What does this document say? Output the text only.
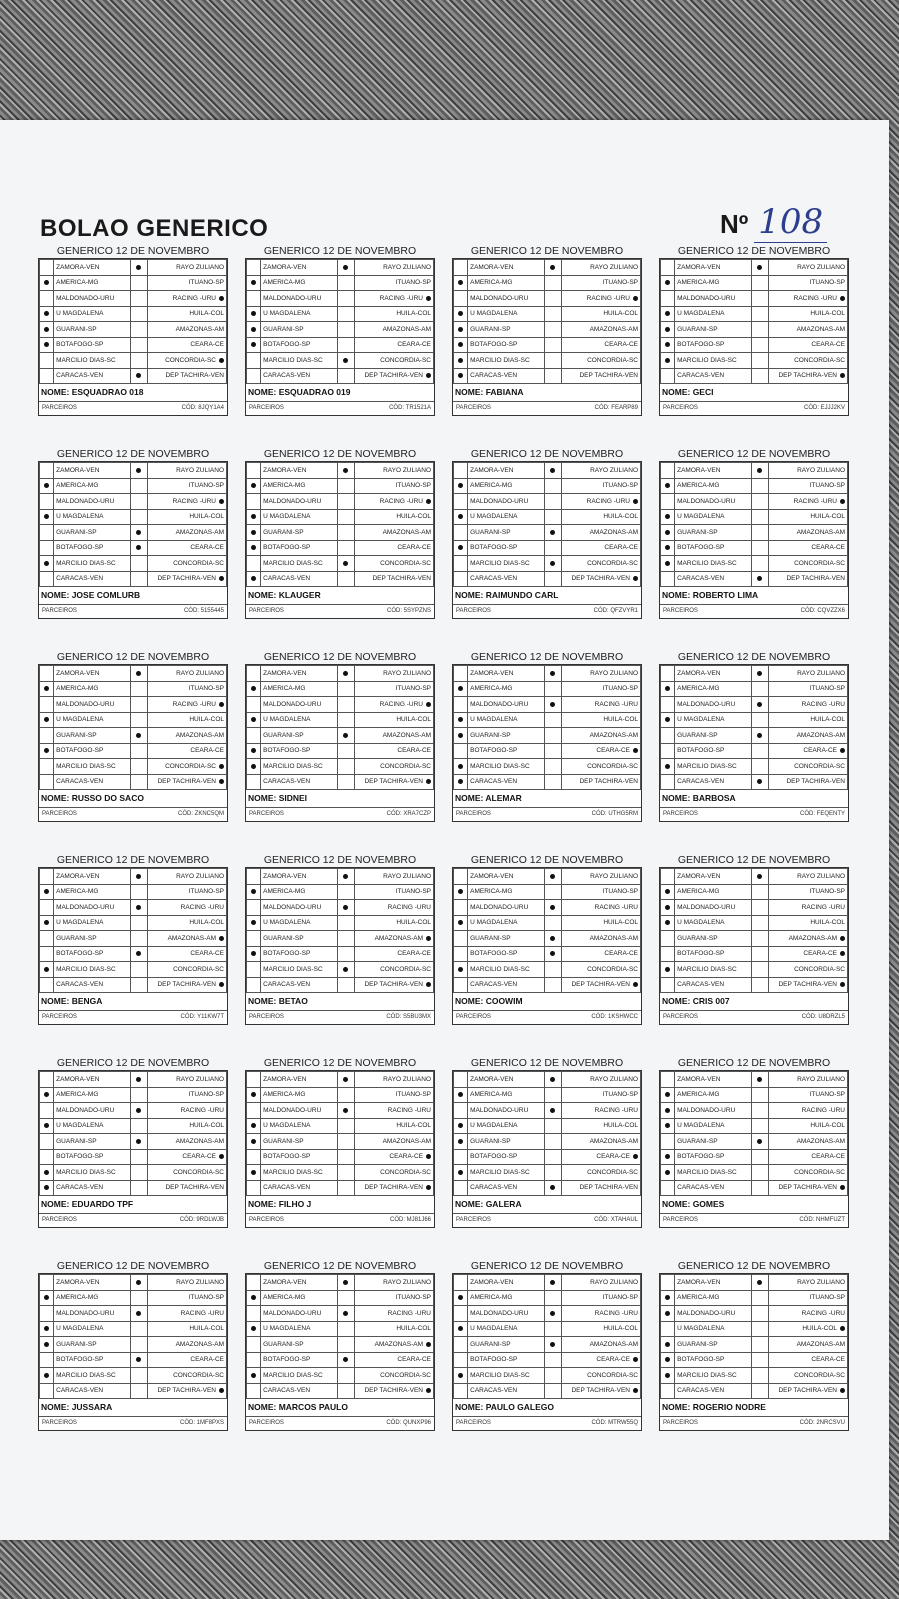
BOLAO GENERICO	Nº 108
GENERICO 12 DE NOVEMBRO
	ZAMORA-VEN		RAYO ZULIANO
	AMERICA-MG		ITUANO-SP
	MALDONADO-URU		RACING -URU
	U MAGDALENA		HUILA-COL
	GUARANI-SP		AMAZONAS-AM
	BOTAFOGO-SP		CEARA-CE
	MARCILIO DIAS-SC		CONCORDIA-SC
	CARACAS-VEN		DEP TACHIRA-VEN
NOME: ESQUADRAO 018
PARCEIROS	CÓD: 8JQY1A4
GENERICO 12 DE NOVEMBRO
	ZAMORA-VEN		RAYO ZULIANO
	AMERICA-MG		ITUANO-SP
	MALDONADO-URU		RACING -URU
	U MAGDALENA		HUILA-COL
	GUARANI-SP		AMAZONAS-AM
	BOTAFOGO-SP		CEARA-CE
	MARCILIO DIAS-SC		CONCORDIA-SC
	CARACAS-VEN		DEP TACHIRA-VEN
NOME: ESQUADRAO 019
PARCEIROS	CÓD: TR1521A
GENERICO 12 DE NOVEMBRO
	ZAMORA-VEN		RAYO ZULIANO
	AMERICA-MG		ITUANO-SP
	MALDONADO-URU		RACING -URU
	U MAGDALENA		HUILA-COL
	GUARANI-SP		AMAZONAS-AM
	BOTAFOGO-SP		CEARA-CE
	MARCILIO DIAS-SC		CONCORDIA-SC
	CARACAS-VEN		DEP TACHIRA-VEN
NOME: FABIANA
PARCEIROS	CÓD: FEARP89
GENERICO 12 DE NOVEMBRO
	ZAMORA-VEN		RAYO ZULIANO
	AMERICA-MG		ITUANO-SP
	MALDONADO-URU		RACING -URU
	U MAGDALENA		HUILA-COL
	GUARANI-SP		AMAZONAS-AM
	BOTAFOGO-SP		CEARA-CE
	MARCILIO DIAS-SC		CONCORDIA-SC
	CARACAS-VEN		DEP TACHIRA-VEN
NOME: GECI
PARCEIROS	CÓD: EJJJ2KV
GENERICO 12 DE NOVEMBRO
	ZAMORA-VEN		RAYO ZULIANO
	AMERICA-MG		ITUANO-SP
	MALDONADO-URU		RACING -URU
	U MAGDALENA		HUILA-COL
	GUARANI-SP		AMAZONAS-AM
	BOTAFOGO-SP		CEARA-CE
	MARCILIO DIAS-SC		CONCORDIA-SC
	CARACAS-VEN		DEP TACHIRA-VEN
NOME: JOSE COMLURB
PARCEIROS	CÓD: 5155445
GENERICO 12 DE NOVEMBRO
	ZAMORA-VEN		RAYO ZULIANO
	AMERICA-MG		ITUANO-SP
	MALDONADO-URU		RACING -URU
	U MAGDALENA		HUILA-COL
	GUARANI-SP		AMAZONAS-AM
	BOTAFOGO-SP		CEARA-CE
	MARCILIO DIAS-SC		CONCORDIA-SC
	CARACAS-VEN		DEP TACHIRA-VEN
NOME: KLAUGER
PARCEIROS	CÓD: 5SYPZNS
GENERICO 12 DE NOVEMBRO
	ZAMORA-VEN		RAYO ZULIANO
	AMERICA-MG		ITUANO-SP
	MALDONADO-URU		RACING -URU
	U MAGDALENA		HUILA-COL
	GUARANI-SP		AMAZONAS-AM
	BOTAFOGO-SP		CEARA-CE
	MARCILIO DIAS-SC		CONCORDIA-SC
	CARACAS-VEN		DEP TACHIRA-VEN
NOME: RAIMUNDO CARL
PARCEIROS	CÓD: QFZVYR1
GENERICO 12 DE NOVEMBRO
	ZAMORA-VEN		RAYO ZULIANO
	AMERICA-MG		ITUANO-SP
	MALDONADO-URU		RACING -URU
	U MAGDALENA		HUILA-COL
	GUARANI-SP		AMAZONAS-AM
	BOTAFOGO-SP		CEARA-CE
	MARCILIO DIAS-SC		CONCORDIA-SC
	CARACAS-VEN		DEP TACHIRA-VEN
NOME: ROBERTO LIMA
PARCEIROS	CÓD: CQVZZX6
GENERICO 12 DE NOVEMBRO
	ZAMORA-VEN		RAYO ZULIANO
	AMERICA-MG		ITUANO-SP
	MALDONADO-URU		RACING -URU
	U MAGDALENA		HUILA-COL
	GUARANI-SP		AMAZONAS-AM
	BOTAFOGO-SP		CEARA-CE
	MARCILIO DIAS-SC		CONCORDIA-SC
	CARACAS-VEN		DEP TACHIRA-VEN
NOME: RUSSO DO SACO
PARCEIROS	CÓD: ZKNC5QM
GENERICO 12 DE NOVEMBRO
	ZAMORA-VEN		RAYO ZULIANO
	AMERICA-MG		ITUANO-SP
	MALDONADO-URU		RACING -URU
	U MAGDALENA		HUILA-COL
	GUARANI-SP		AMAZONAS-AM
	BOTAFOGO-SP		CEARA-CE
	MARCILIO DIAS-SC		CONCORDIA-SC
	CARACAS-VEN		DEP TACHIRA-VEN
NOME: SIDNEI
PARCEIROS	CÓD: XRA7CZP
GENERICO 12 DE NOVEMBRO
	ZAMORA-VEN		RAYO ZULIANO
	AMERICA-MG		ITUANO-SP
	MALDONADO-URU		RACING -URU
	U MAGDALENA		HUILA-COL
	GUARANI-SP		AMAZONAS-AM
	BOTAFOGO-SP		CEARA-CE
	MARCILIO DIAS-SC		CONCORDIA-SC
	CARACAS-VEN		DEP TACHIRA-VEN
NOME: ALEMAR
PARCEIROS	CÓD: UTHG5RM
GENERICO 12 DE NOVEMBRO
	ZAMORA-VEN		RAYO ZULIANO
	AMERICA-MG		ITUANO-SP
	MALDONADO-URU		RACING -URU
	U MAGDALENA		HUILA-COL
	GUARANI-SP		AMAZONAS-AM
	BOTAFOGO-SP		CEARA-CE
	MARCILIO DIAS-SC		CONCORDIA-SC
	CARACAS-VEN		DEP TACHIRA-VEN
NOME: BARBOSA
PARCEIROS	CÓD: FEQENTY
GENERICO 12 DE NOVEMBRO
	ZAMORA-VEN		RAYO ZULIANO
	AMERICA-MG		ITUANO-SP
	MALDONADO-URU		RACING -URU
	U MAGDALENA		HUILA-COL
	GUARANI-SP		AMAZONAS-AM
	BOTAFOGO-SP		CEARA-CE
	MARCILIO DIAS-SC		CONCORDIA-SC
	CARACAS-VEN		DEP TACHIRA-VEN
NOME: BENGA
PARCEIROS	CÓD: Y11KW7T
GENERICO 12 DE NOVEMBRO
	ZAMORA-VEN		RAYO ZULIANO
	AMERICA-MG		ITUANO-SP
	MALDONADO-URU		RACING -URU
	U MAGDALENA		HUILA-COL
	GUARANI-SP		AMAZONAS-AM
	BOTAFOGO-SP		CEARA-CE
	MARCILIO DIAS-SC		CONCORDIA-SC
	CARACAS-VEN		DEP TACHIRA-VEN
NOME: BETAO
PARCEIROS	CÓD: S5BU3MX
GENERICO 12 DE NOVEMBRO
	ZAMORA-VEN		RAYO ZULIANO
	AMERICA-MG		ITUANO-SP
	MALDONADO-URU		RACING -URU
	U MAGDALENA		HUILA-COL
	GUARANI-SP		AMAZONAS-AM
	BOTAFOGO-SP		CEARA-CE
	MARCILIO DIAS-SC		CONCORDIA-SC
	CARACAS-VEN		DEP TACHIRA-VEN
NOME: COOWIM
PARCEIROS	CÓD: 1KSHWCC
GENERICO 12 DE NOVEMBRO
	ZAMORA-VEN		RAYO ZULIANO
	AMERICA-MG		ITUANO-SP
	MALDONADO-URU		RACING -URU
	U MAGDALENA		HUILA-COL
	GUARANI-SP		AMAZONAS-AM
	BOTAFOGO-SP		CEARA-CE
	MARCILIO DIAS-SC		CONCORDIA-SC
	CARACAS-VEN		DEP TACHIRA-VEN
NOME: CRIS 007
PARCEIROS	CÓD: U8DRZL5
GENERICO 12 DE NOVEMBRO
	ZAMORA-VEN		RAYO ZULIANO
	AMERICA-MG		ITUANO-SP
	MALDONADO-URU		RACING -URU
	U MAGDALENA		HUILA-COL
	GUARANI-SP		AMAZONAS-AM
	BOTAFOGO-SP		CEARA-CE
	MARCILIO DIAS-SC		CONCORDIA-SC
	CARACAS-VEN		DEP TACHIRA-VEN
NOME: EDUARDO TPF
PARCEIROS	CÓD: 9RDLWJB
GENERICO 12 DE NOVEMBRO
	ZAMORA-VEN		RAYO ZULIANO
	AMERICA-MG		ITUANO-SP
	MALDONADO-URU		RACING -URU
	U MAGDALENA		HUILA-COL
	GUARANI-SP		AMAZONAS-AM
	BOTAFOGO-SP		CEARA-CE
	MARCILIO DIAS-SC		CONCORDIA-SC
	CARACAS-VEN		DEP TACHIRA-VEN
NOME: FILHO J
PARCEIROS	CÓD: MJ81J66
GENERICO 12 DE NOVEMBRO
	ZAMORA-VEN		RAYO ZULIANO
	AMERICA-MG		ITUANO-SP
	MALDONADO-URU		RACING -URU
	U MAGDALENA		HUILA-COL
	GUARANI-SP		AMAZONAS-AM
	BOTAFOGO-SP		CEARA-CE
	MARCILIO DIAS-SC		CONCORDIA-SC
	CARACAS-VEN		DEP TACHIRA-VEN
NOME: GALERA
PARCEIROS	CÓD: XTAHAUL
GENERICO 12 DE NOVEMBRO
	ZAMORA-VEN		RAYO ZULIANO
	AMERICA-MG		ITUANO-SP
	MALDONADO-URU		RACING -URU
	U MAGDALENA		HUILA-COL
	GUARANI-SP		AMAZONAS-AM
	BOTAFOGO-SP		CEARA-CE
	MARCILIO DIAS-SC		CONCORDIA-SC
	CARACAS-VEN		DEP TACHIRA-VEN
NOME: GOMES
PARCEIROS	CÓD: NHMFUZT
GENERICO 12 DE NOVEMBRO
	ZAMORA-VEN		RAYO ZULIANO
	AMERICA-MG		ITUANO-SP
	MALDONADO-URU		RACING -URU
	U MAGDALENA		HUILA-COL
	GUARANI-SP		AMAZONAS-AM
	BOTAFOGO-SP		CEARA-CE
	MARCILIO DIAS-SC		CONCORDIA-SC
	CARACAS-VEN		DEP TACHIRA-VEN
NOME: JUSSARA
PARCEIROS	CÓD: 1MF8PXS
GENERICO 12 DE NOVEMBRO
	ZAMORA-VEN		RAYO ZULIANO
	AMERICA-MG		ITUANO-SP
	MALDONADO-URU		RACING -URU
	U MAGDALENA		HUILA-COL
	GUARANI-SP		AMAZONAS-AM
	BOTAFOGO-SP		CEARA-CE
	MARCILIO DIAS-SC		CONCORDIA-SC
	CARACAS-VEN		DEP TACHIRA-VEN
NOME: MARCOS PAULO
PARCEIROS	CÓD: QUNXP96
GENERICO 12 DE NOVEMBRO
	ZAMORA-VEN		RAYO ZULIANO
	AMERICA-MG		ITUANO-SP
	MALDONADO-URU		RACING -URU
	U MAGDALENA		HUILA-COL
	GUARANI-SP		AMAZONAS-AM
	BOTAFOGO-SP		CEARA-CE
	MARCILIO DIAS-SC		CONCORDIA-SC
	CARACAS-VEN		DEP TACHIRA-VEN
NOME: PAULO GALEGO
PARCEIROS	CÓD: MTRW55Q
GENERICO 12 DE NOVEMBRO
	ZAMORA-VEN		RAYO ZULIANO
	AMERICA-MG		ITUANO-SP
	MALDONADO-URU		RACING -URU
	U MAGDALENA		HUILA-COL
	GUARANI-SP		AMAZONAS-AM
	BOTAFOGO-SP		CEARA-CE
	MARCILIO DIAS-SC		CONCORDIA-SC
	CARACAS-VEN		DEP TACHIRA-VEN
NOME: ROGERIO NODRE
PARCEIROS	CÓD: 2NRCSVU
